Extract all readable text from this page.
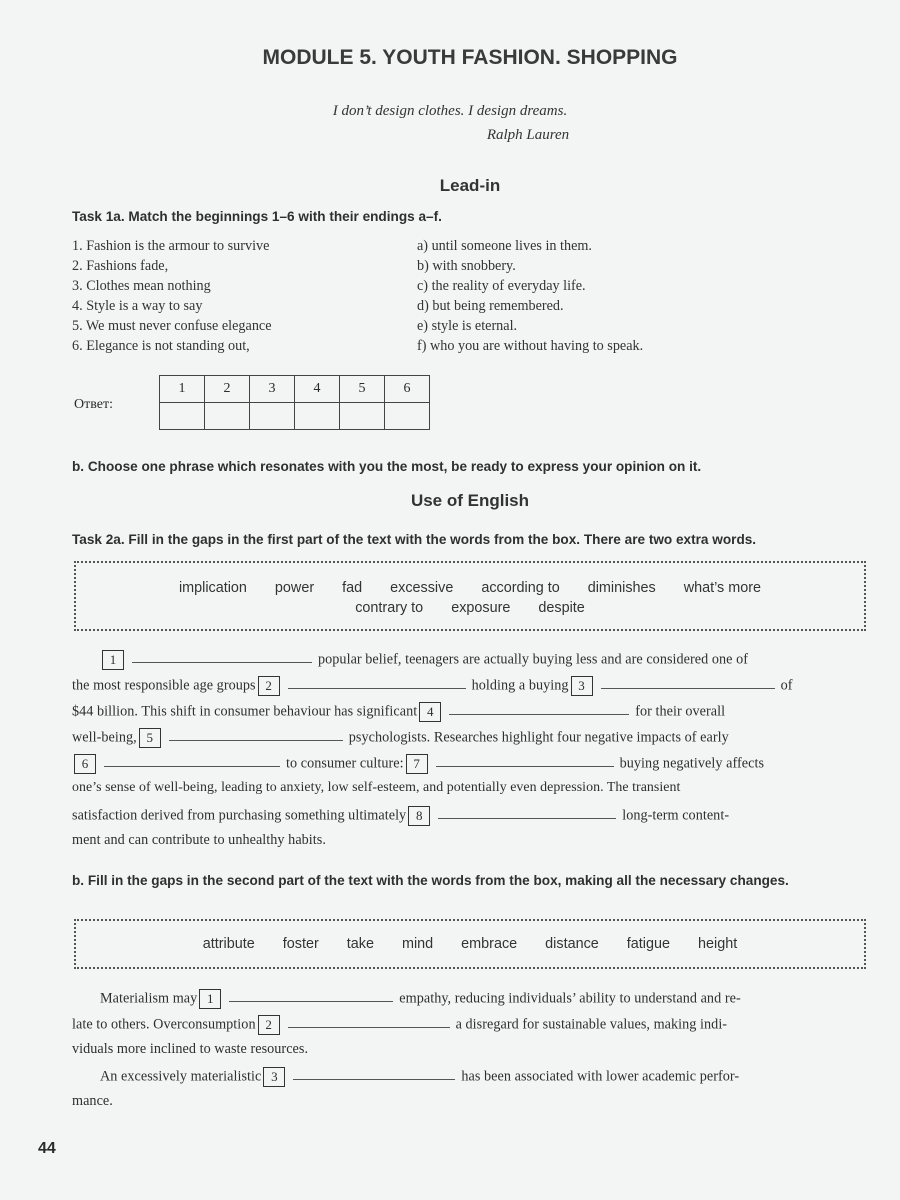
MODULE 5. YOUTH FASHION. SHOPPING
I don’t design clothes. I design dreams.
Ralph Lauren
Lead-in
Task 1a. Match the beginnings 1–6 with their endings a–f.
1. Fashion is the armour to survive
2. Fashions fade,
3. Clothes mean nothing
4. Style is a way to say
5. We must never confuse elegance
6. Elegance is not standing out,
a) until someone lives in them.
b) with snobbery.
c) the reality of everyday life.
d) but being remembered.
e) style is eternal.
f) who you are without having to speak.
Ответ:
1	2	3	4	5	6

b. Choose one phrase which resonates with you the most, be ready to express your opinion on it.
Use of English
Task 2a. Fill in the gaps in the first part of the text with the words from the box. There are two extra words.
implication power fad excessive according to diminishes what’s more
contrary to exposure despite
1	popular belief, teenagers are actually buying less and are considered one of
the most responsible age groups 2	holding a buying 3	of
$44 billion. This shift in consumer behaviour has significant 4	for their overall
well-being, 5	psychologists. Researches highlight four negative impacts of early
6	to consumer culture: 7	buying negatively affects
one’s sense of well-being, leading to anxiety, low self-esteem, and potentially even depression. The transient
satisfaction derived from purchasing something ultimately 8	long-term content-
ment and can contribute to unhealthy habits.
b. Fill in the gaps in the second part of the text with the words from the box, making all the necessary changes.
attribute foster take mind embrace distance fatigue height
Materialism may 1	empathy, reducing individuals’ ability to understand and re-
late to others. Overconsumption 2	a disregard for sustainable values, making indi-
viduals more inclined to waste resources.
An excessively materialistic 3	has been associated with lower academic perfor-
mance.
44
